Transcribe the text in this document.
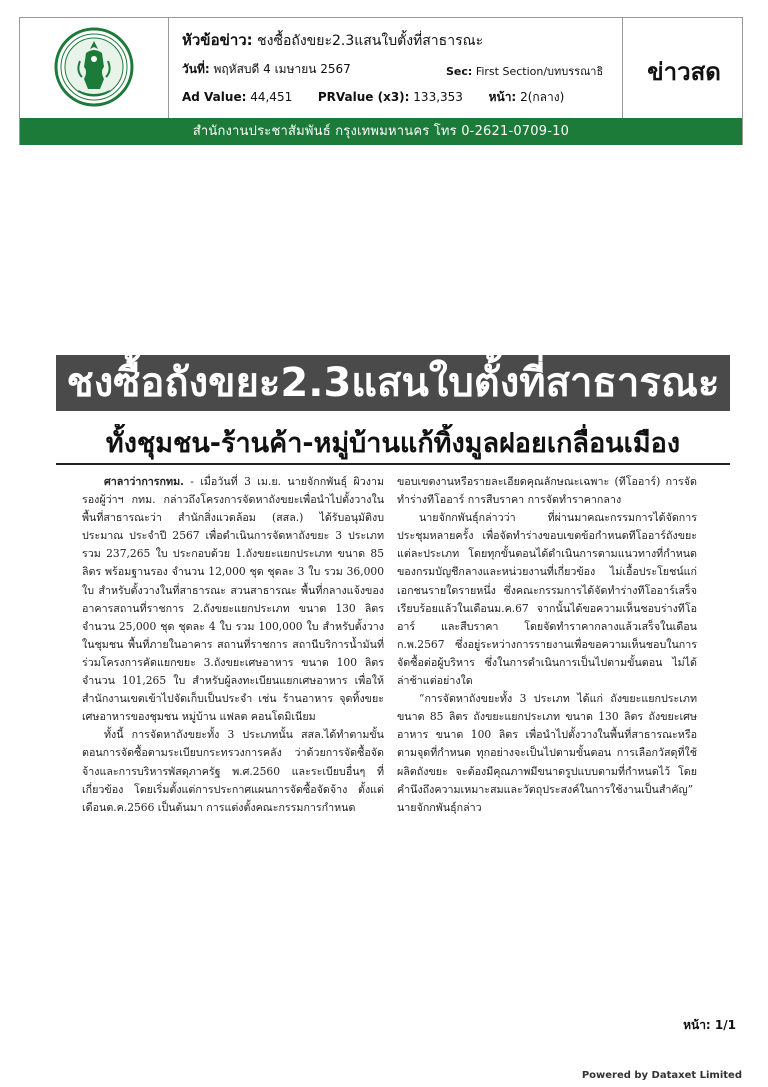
หัวข้อข่าว: ชงซื้อถังขยะ2.3แสนใบตั้งที่สาธารณะ
วันที่: พฤหัสบดี 4 เมษายน 2567	Sec: First Section/บทบรรณาธิ
Ad Value: 44,451 PRValue (x3): 133,353 หน้า: 2(กลาง)
ข่าวสด
สำนักงานประชาสัมพันธ์ กรุงเทพมหานคร โทร 0-2621-0709-10
ชงซื้อถังขยะ2.3แสนใบตั้งที่สาธารณะ
ทั้งชุมชน-ร้านค้า-หมู่บ้านแก้ทิ้งมูลฝอยเกลื่อนเมือง

ศาลาว่าการกทม. - เมื่อวันที่ 3 เม.ย. นายจักกพันธุ์ ผิวงาม รองผู้ว่าฯ กทม. กล่าวถึงโครงการจัดหาถังขยะเพื่อนำไปตั้งวางในพื้นที่สาธารณะว่า สำนักสิ่งแวดล้อม (สสล.) ได้รับอนุมัติงบประมาณ ประจำปี 2567 เพื่อดำเนินการจัดหาถังขยะ 3 ประเภท รวม 237,265 ใบ ประกอบด้วย 1.ถังขยะแยกประเภท ขนาด 85 ลิตร พร้อมฐานรอง จำนวน 12,000 ชุด ชุดละ 3 ใบ รวม 36,000 ใบ สำหรับตั้งวางในที่สาธารณะ สวนสาธารณะ พื้นที่กลางแจ้งของอาคารสถานที่ราชการ 2.ถังขยะแยกประเภท ขนาด 130 ลิตร จำนวน 25,000 ชุด ชุดละ 4 ใบ รวม 100,000 ใบ สำหรับตั้งวางในชุมชน พื้นที่ภายในอาคาร สถานที่ราชการ สถานีบริการน้ำมันที่ร่วมโครงการคัดแยกขยะ 3.ถังขยะเศษอาหาร ขนาด 100 ลิตร จำนวน 101,265 ใบ สำหรับผู้ลงทะเบียนแยกเศษอาหาร เพื่อให้สำนักงานเขตเข้าไปจัดเก็บเป็นประจำ เช่น ร้านอาหาร จุดทิ้งขยะเศษอาหารของชุมชน หมู่บ้าน แฟลต คอนโดมิเนียม

ทั้งนี้ การจัดหาถังขยะทั้ง 3 ประเภทนั้น สสล.ได้ทำตามขั้นตอนการจัดซื้อตามระเบียบกระทรวงการคลัง ว่าด้วยการจัดซื้อจัดจ้างและการบริหารพัสดุภาครัฐ พ.ศ.2560 และระเบียบอื่นๆ ที่เกี่ยวข้อง โดยเริ่มตั้งแต่การประกาศแผนการจัดซื้อจัดจ้าง ตั้งแต่เดือนต.ค.2566 เป็นต้นมา การแต่งตั้งคณะกรรมการกำหนด

ขอบเขตงานหรือรายละเอียดคุณลักษณะเฉพาะ (ทีโออาร์) การจัดทำร่างทีโออาร์ การสืบราคา การจัดทำราคากลาง

นายจักกพันธุ์กล่าวว่า ที่ผ่านมาคณะกรรมการได้จัดการประชุมหลายครั้ง เพื่อจัดทำร่างขอบเขตข้อกำหนดทีโออาร์ถังขยะแต่ละประเภท โดยทุกขั้นตอนได้ดำเนินการตามแนวทางที่กำหนดของกรมบัญชีกลางและหน่วยงานที่เกี่ยวข้อง ไม่เอื้อประโยชน์แก่เอกชนรายใดรายหนึ่ง ซึ่งคณะกรรมการได้จัดทำร่างทีโออาร์เสร็จเรียบร้อยแล้วในเดือนม.ค.67 จากนั้นได้ขอความเห็นชอบร่างทีโออาร์ และสืบราคา โดยจัดทำราคากลางแล้วเสร็จในเดือนก.พ.2567 ซึ่งอยู่ระหว่างการรายงานเพื่อขอความเห็นชอบในการจัดซื้อต่อผู้บริหาร ซึ่งในการดำเนินการเป็นไปตามขั้นตอน ไม่ได้ล่าช้าแต่อย่างใด

“การจัดหาถังขยะทั้ง 3 ประเภท ได้แก่ ถังขยะแยกประเภท ขนาด 85 ลิตร ถังขยะแยกประเภท ขนาด 130 ลิตร ถังขยะเศษอาหาร ขนาด 100 ลิตร เพื่อนำไปตั้งวางในพื้นที่สาธารณะหรือตามจุดที่กำหนด ทุกอย่างจะเป็นไปตามขั้นตอน การเลือกวัสดุที่ใช้ผลิตถังขยะ จะต้องมีคุณภาพมีขนาดรูปแบบตามที่กำหนดไว้ โดยคำนึงถึงความเหมาะสมและวัตถุประสงค์ในการใช้งานเป็นสำคัญ” นายจักกพันธุ์กล่าว

หน้า: 1/1
Powered by Dataxet Limited
